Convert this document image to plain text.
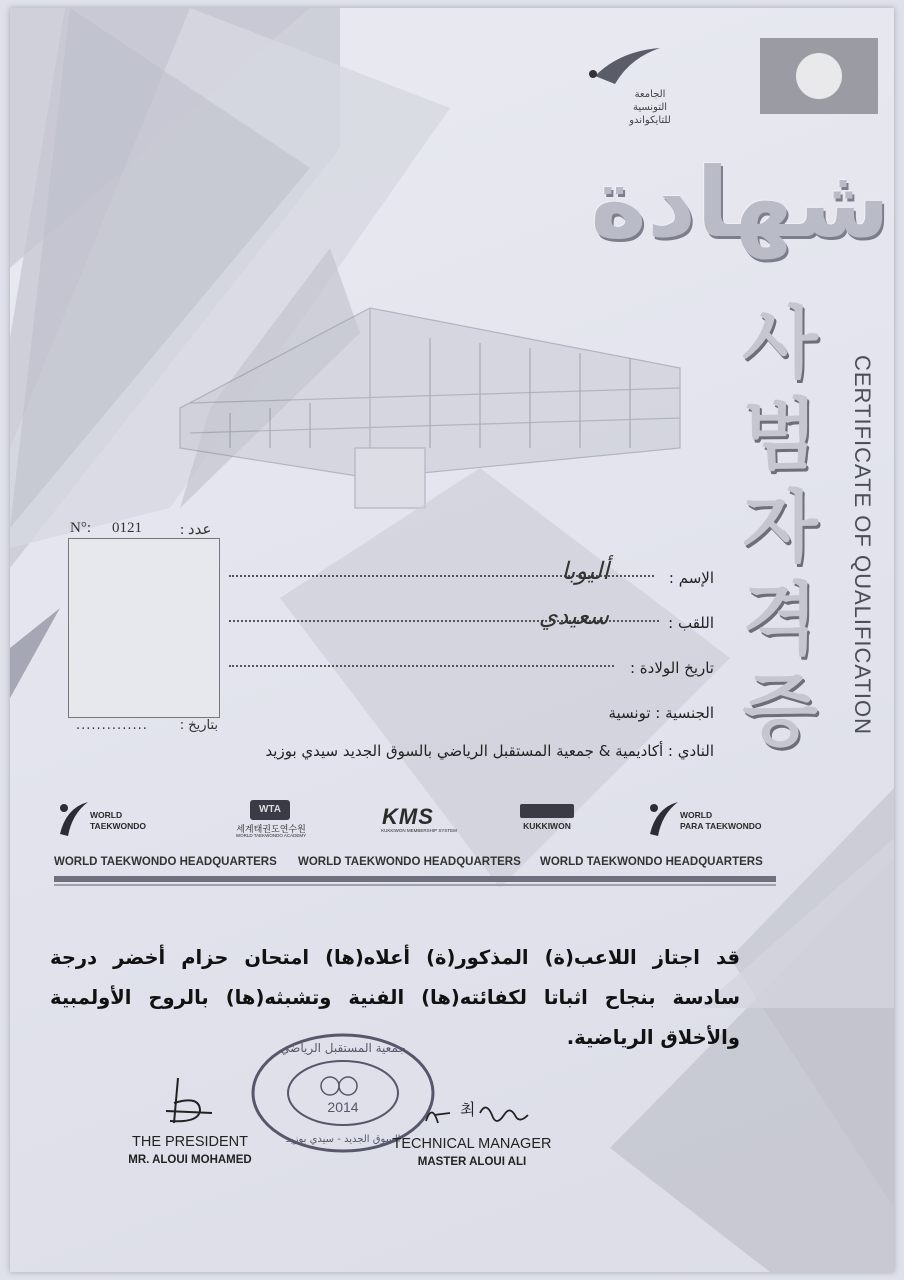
الجامعة
التونسية
للتايكواندو
شهادة
사
범
자
격
증	CERTIFICATE OF QUALIFICATION
N°: 0121	عدد :
.............. بتاريخ :
الإسم :
أليوبا
اللقب :
سعيدي
تاريخ الولادة :
الجنسية : تونسية
النادي : أكاديمية & جمعية المستقبل الرياضي بالسوق الجديد سيدي بوزيد
WORLD
TAEKWONDO
WTA
세계태권도연수원
WORLD TAEKWONDO ACADEMY
KMS
KUKKIWON MEMBERSHIP SYSTEM	KUKKIWON
WORLD
PARA TAEKWONDO
WORLD TAEKWONDO HEADQUARTERS WORLD TAEKWONDO HEADQUARTERS WORLD TAEKWONDO HEADQUARTERS
قد اجتاز اللاعب(ة) المذكور(ة) أعلاه(ها) امتحان حزام أخضر درجة سادسة بنجاح اثباتا لكفائته(ها) الفنية وتشبثه(ها) بالروح الأولمبية والأخلاق الرياضية.
2014
جمعية المستقبل الرياضي
السوق الجديد - سيدي بوزيد
THE PRESIDENT
MR. ALOUI MOHAMED
최
TECHNICAL MANAGER
MASTER ALOUI ALI
